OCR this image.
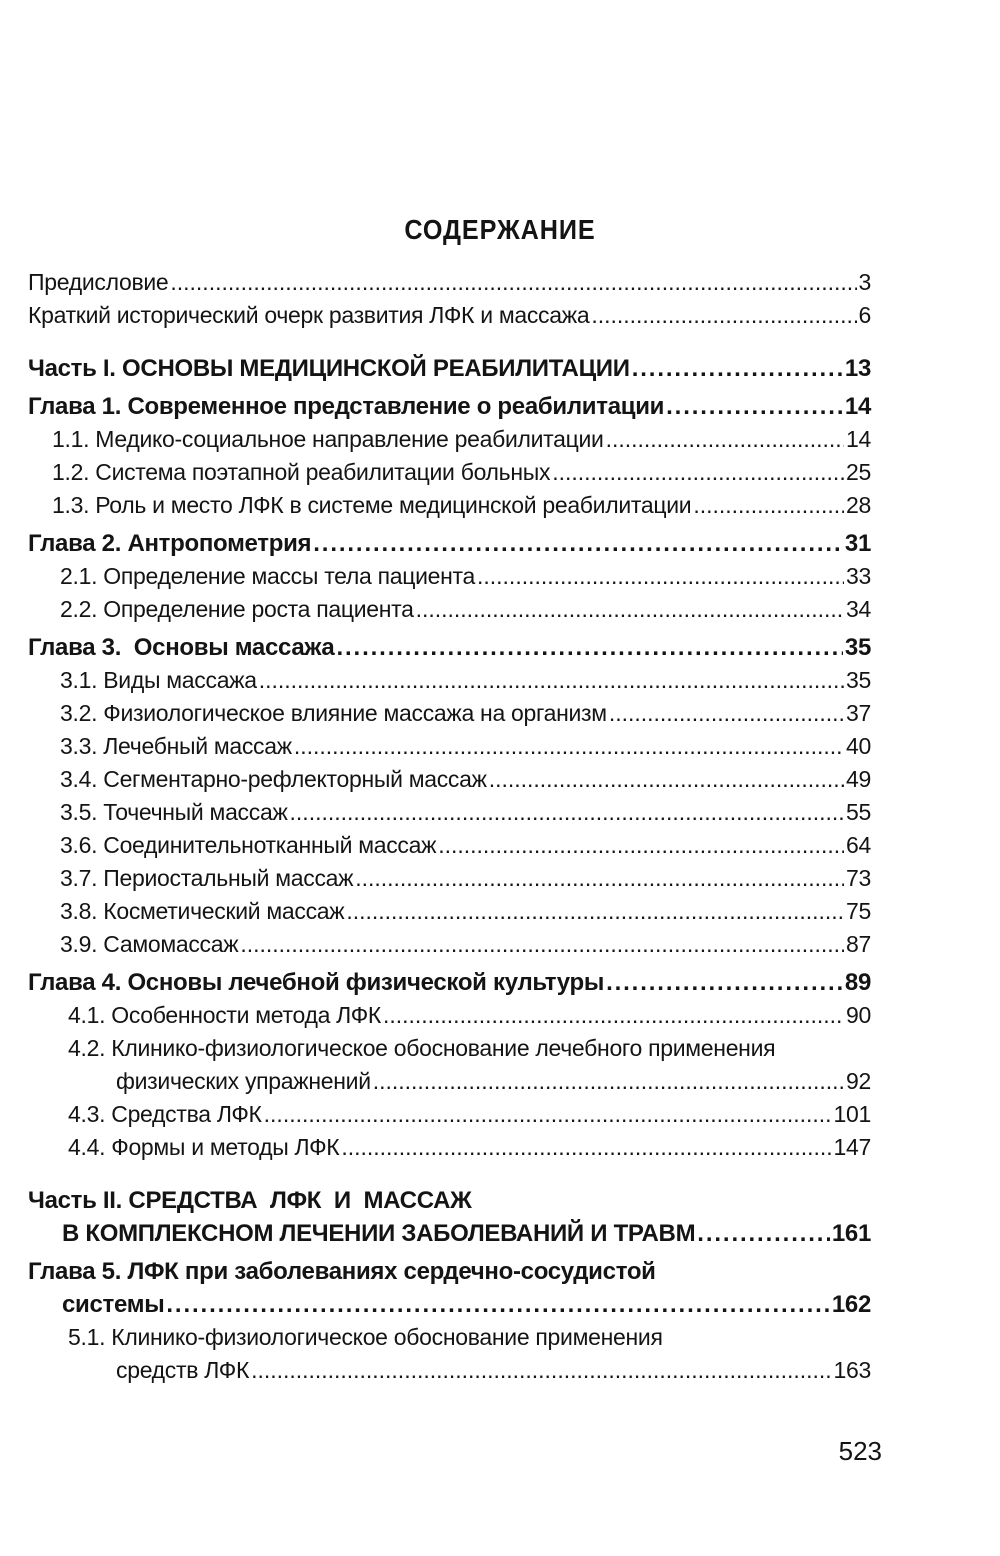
СОДЕРЖАНИЕ
Предисловие . . .	3
Краткий исторический очерк развития ЛФК и массажа . . .	6
Часть I. ОСНОВЫ МЕДИЦИНСКОЙ РЕАБИЛИТАЦИИ . . .	13
Глава 1. Современное представление о реабилитации . . .	14
1.1. Медико-социальное направление реабилитации . . .	14
1.2. Система поэтапной реабилитации больных . . .	25
1.3. Роль и место ЛФК в системе медицинской реабилитации . . .	28
Глава 2. Антропометрия . . .	31
2.1. Определение массы тела пациента . . .	33
2.2. Определение роста пациента . . .	34
Глава 3.  Основы массажа . . .	35
3.1. Виды массажа . . .	35
3.2. Физиологическое влияние массажа на организм . . .	37
3.3. Лечебный массаж . . .	40
3.4. Сегментарно-рефлекторный массаж . . .	49
3.5. Точечный массаж . . .	55
3.6. Соединительнотканный массаж . . .	64
3.7. Периостальный массаж . . .	73
3.8. Косметический массаж . . .	75
3.9. Самомассаж . . .	87
Глава 4. Основы лечебной физической культуры . . .	89
4.1. Особенности метода ЛФК . . .	90
4.2. Клинико-физиологическое обоснование лечебного применения
физических упражнений . . .	92
4.3. Средства ЛФК . . .	101
4.4. Формы и методы ЛФК . . .	147
Часть II. СРЕДСТВА  ЛФК  И  МАССАЖ
В КОМПЛЕКСНОМ ЛЕЧЕНИИ ЗАБОЛЕВАНИЙ И ТРАВМ . . .	161
Глава 5. ЛФК при заболеваниях сердечно-сосудистой
системы . . .	162
5.1. Клинико-физиологическое обоснование применения
средств ЛФК . . .	163
523
